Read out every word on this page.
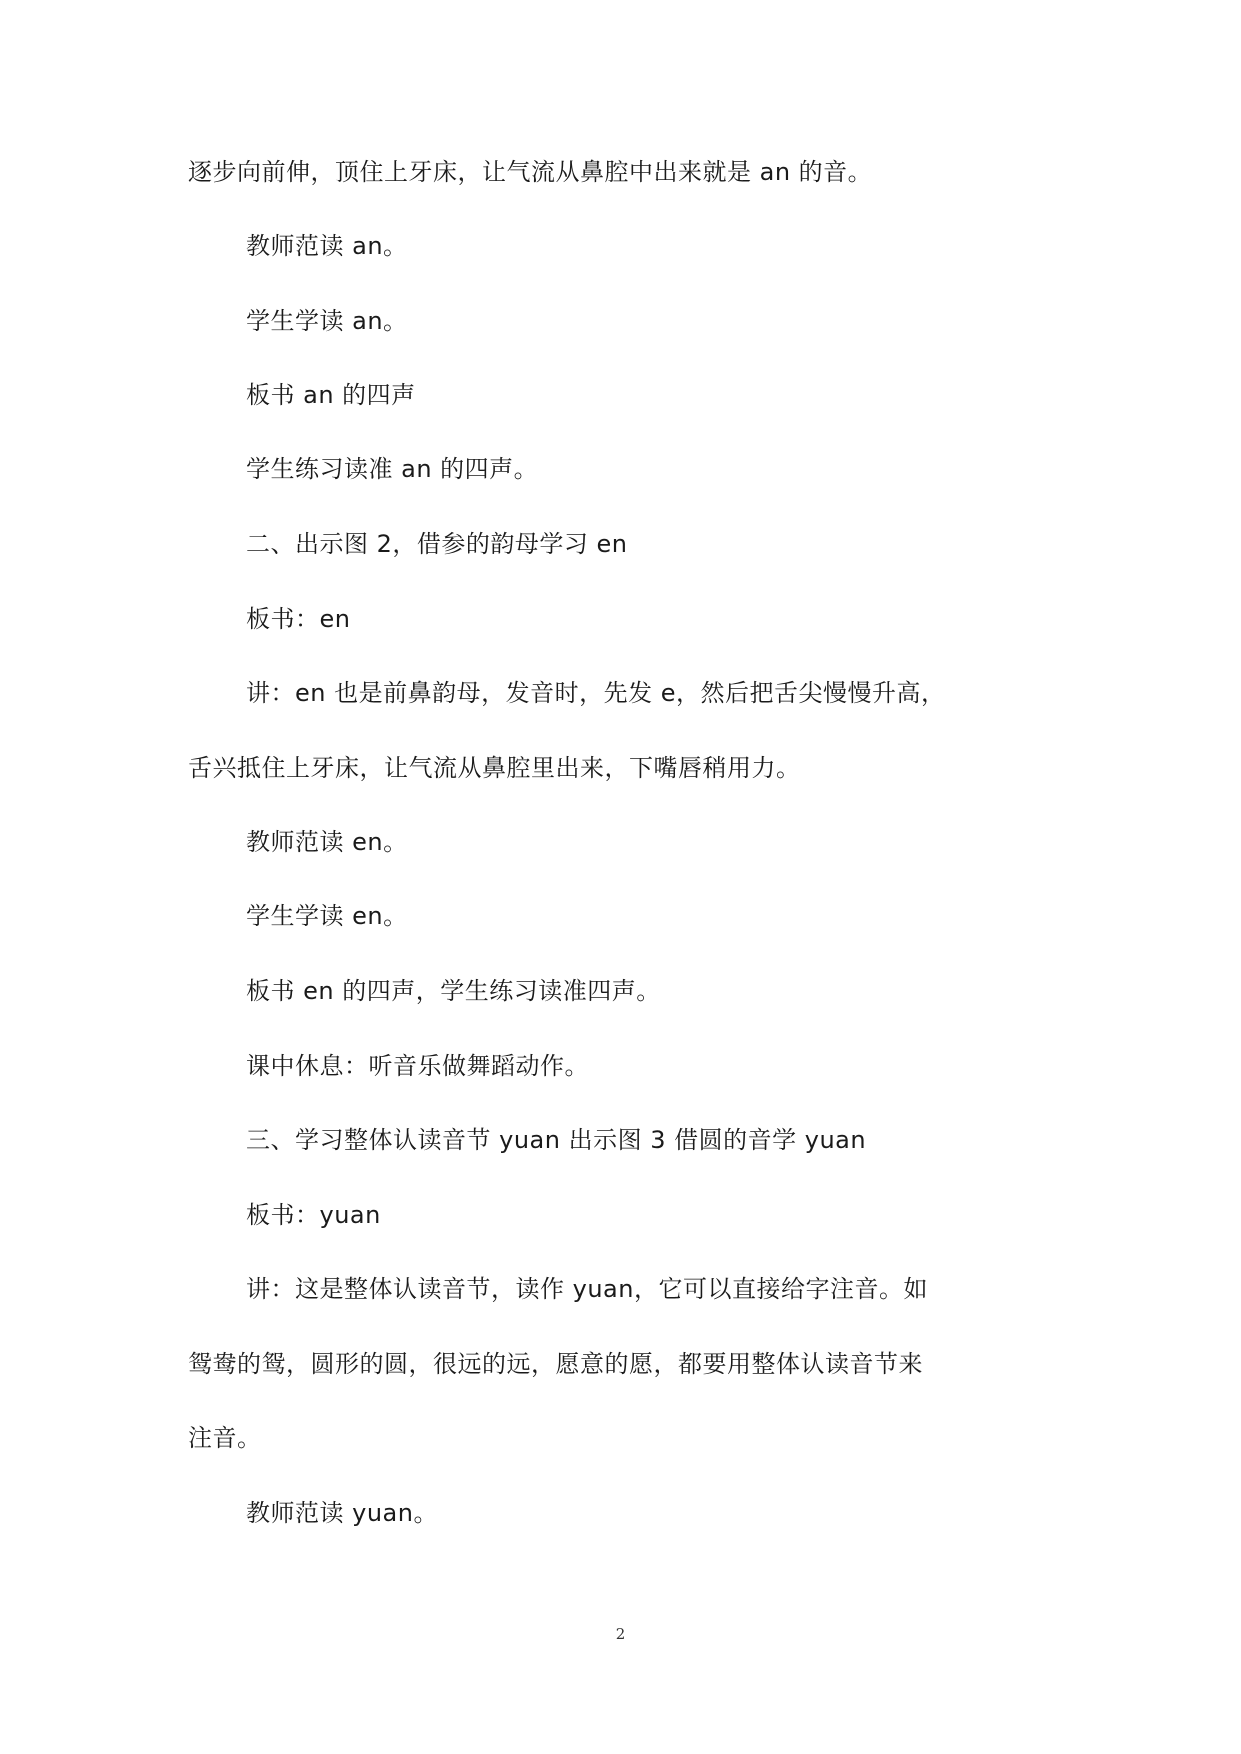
逐步向前伸，顶住上牙床，让气流从鼻腔中出来就是 an 的音。
教师范读 an。
学生学读 an。
板书 an 的四声
学生练习读准 an 的四声。
二、出示图 2，借参的韵母学习 en
板书：en
讲：en 也是前鼻韵母，发音时，先发 e，然后把舌尖慢慢升高，
舌兴抵住上牙床，让气流从鼻腔里出来，下嘴唇稍用力。
教师范读 en。
学生学读 en。
板书 en 的四声，学生练习读准四声。
课中休息：听音乐做舞蹈动作。
三、学习整体认读音节 yuan 出示图 3 借圆的音学 yuan
板书：yuan
讲：这是整体认读音节，读作 yuan，它可以直接给字注音。如
鸳鸯的鸳，圆形的圆，很远的远，愿意的愿，都要用整体认读音节来
注音。
教师范读 yuan。
2
